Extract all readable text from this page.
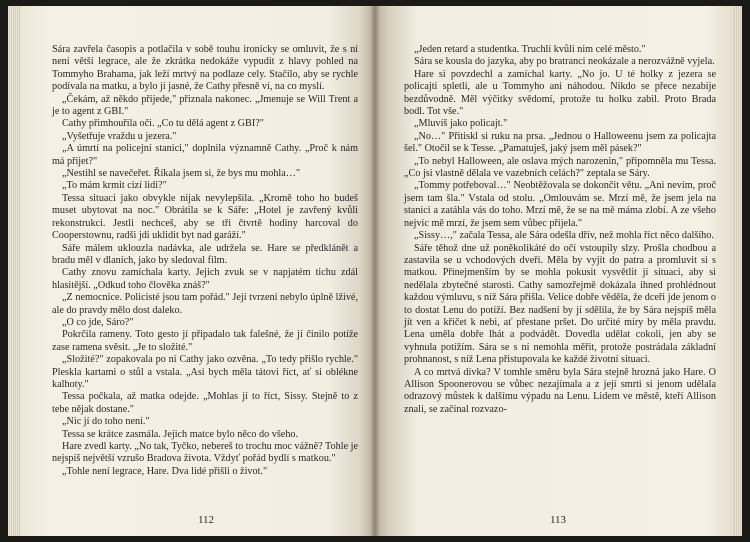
Sára zavřela časopis a potlačila v sobě touhu ironicky se omluvit, že s ní není větší legrace, ale že zkrátka nedokáže vypudit z hlavy pohled na Tommyho Brahama, jak leží mrtvý na podlaze cely. Stačilo, aby se rychle podívala na matku, a bylo jí jasné, že Cathy přesně ví, na co myslí.

„Čekám, až někdo přijede," přiznala nakonec. „Jmenuje se Will Trent a je to agent z GBI."

Cathy přimhouřila oči. „Co tu dělá agent z GBI?"

„Vyšetřuje vraždu u jezera."

„A úmrtí na policejní stanici," doplnila významně Cathy. „Proč k nám má přijet?"

„Nestihl se navečeřet. Říkala jsem si, že bys mu mohla…"

„To mám krmit cizí lidi?"

Tessa situaci jako obvykle nijak nevylepšila. „Kromě toho ho budeš muset ubytovat na noc." Obrátila se k Sáře: „Hotel je zavřený kvůli rekonstrukci. Jestli nechceš, aby se tři čtvrtě hodiny harcoval do Cooperstownu, radši jdi uklidit byt nad garáží."

Sáře málem uklouzla nadávka, ale udržela se. Hare se předklánět a bradu měl v dlaních, jako by sledoval film.

Cathy znovu zamíchala karty. Jejich zvuk se v napjatém tichu zdál hlasitější. „Odkud toho člověka znáš?"

„Z nemocnice. Policisté jsou tam pořád." Její tvrzení nebylo úplně lživé, ale do pravdy mělo dost daleko.

„O co jde, Sáro?"

Pokrčila rameny. Toto gesto jí připadalo tak falešné, že jí činilo potíže zase ramena svěsit. „Je to složité."

„Složité?" zopakovala po ní Cathy jako ozvěna. „To tedy přišlo rychle." Pleskla kartami o stůl a vstala. „Asi bych měla tátovi říct, ať si oblékne kalhoty."

Tessa počkala, až matka odejde. „Mohlas jí to říct, Sissy. Stejně to z tebe nějak dostane."

„Nic jí do toho není."

Tessa se krátce zasmála. Jejich matce bylo něco do všeho.

Hare zvedl karty. „No tak, Tyčko, nebereš to trochu moc vážně? Tohle je nejspíš největší vzrušo Bradova života. Vždyť pořád bydlí s matkou."

„Tohle není legrace, Hare. Dva lidé přišli o život."

112

„Jeden retard a studentka. Truchlí kvůli nim celé město."

Sára se kousla do jazyka, aby po bratranci neokázale a nerozvážně vyjela.

Hare si povzdechl a zamíchal karty. „No jo. U té holky z jezera se policajti spletli, ale u Tommyho ani náhodou. Nikdo se přece nezabije bezdůvodně. Měl výčitky svědomí, protože tu holku zabil. Proto Brada bodl. Tot vše."

„Mluvíš jako policajt."

„No…" Přitiskl si ruku na prsa. „Jednou o Halloweenu jsem za policajta šel." Otočil se k Tesse. „Pamatuješ, jaký jsem měl pásek?"

„To nebyl Halloween, ale oslava mých narozenin," připomněla mu Tessa. „Co jsi vlastně dělala ve vazebních celách?" zeptala se Sáry.

„Tommy potřeboval…" Neobtěžovala se dokončit větu. „Ani nevím, proč jsem tam šla." Vstala od stolu. „Omlouvám se. Mrzí mě, že jsem jela na stanici a zatáhla vás do toho. Mrzí mě, že se na mě máma zlobí. A ze všeho nejvíc mě mrzí, že jsem sem vůbec přijela."

„Sissy…," začala Tessa, ale Sára odešla dřív, než mohla říct něco dalšího.

Sáře těhož dne už poněkolikáté do očí vstoupily slzy. Prošla chodbou a zastavila se u vchodových dveří. Měla by vyjít do patra a promluvit si s matkou. Přinejmenším by se mohla pokusit vysvětlit jí situaci, aby si nedělala zbytečné starosti. Cathy samozřejmě dokázala ihned prohlédnout každou výmluvu, s níž Sára přišla. Velice dobře věděla, že dceři jde jenom o to dostat Lenu do potíží. Bez nadšení by jí sdělila, že by Sára nejspíš měla jít ven a křičet k nebi, ať přestane pršet. Do určité míry by měla pravdu. Lena uměla dobře lhát a podvádět. Dovedla udělat cokoli, jen aby se vyhnula potížím. Sára se s ní nemohla měřit, protože postrádala základní prohnanost, s níž Lena přistupovala ke každé životní situaci.

A co mrtvá dívka? V tomhle směru byla Sára stejně hrozná jako Hare. O Allison Spoonerovou se vůbec nezajímala a z její smrti si jenom udělala odrazový můstek k dalšímu výpadu na Lenu. Lidem ve městě, kteří Allison znali, se začínal rozvazo-

113
